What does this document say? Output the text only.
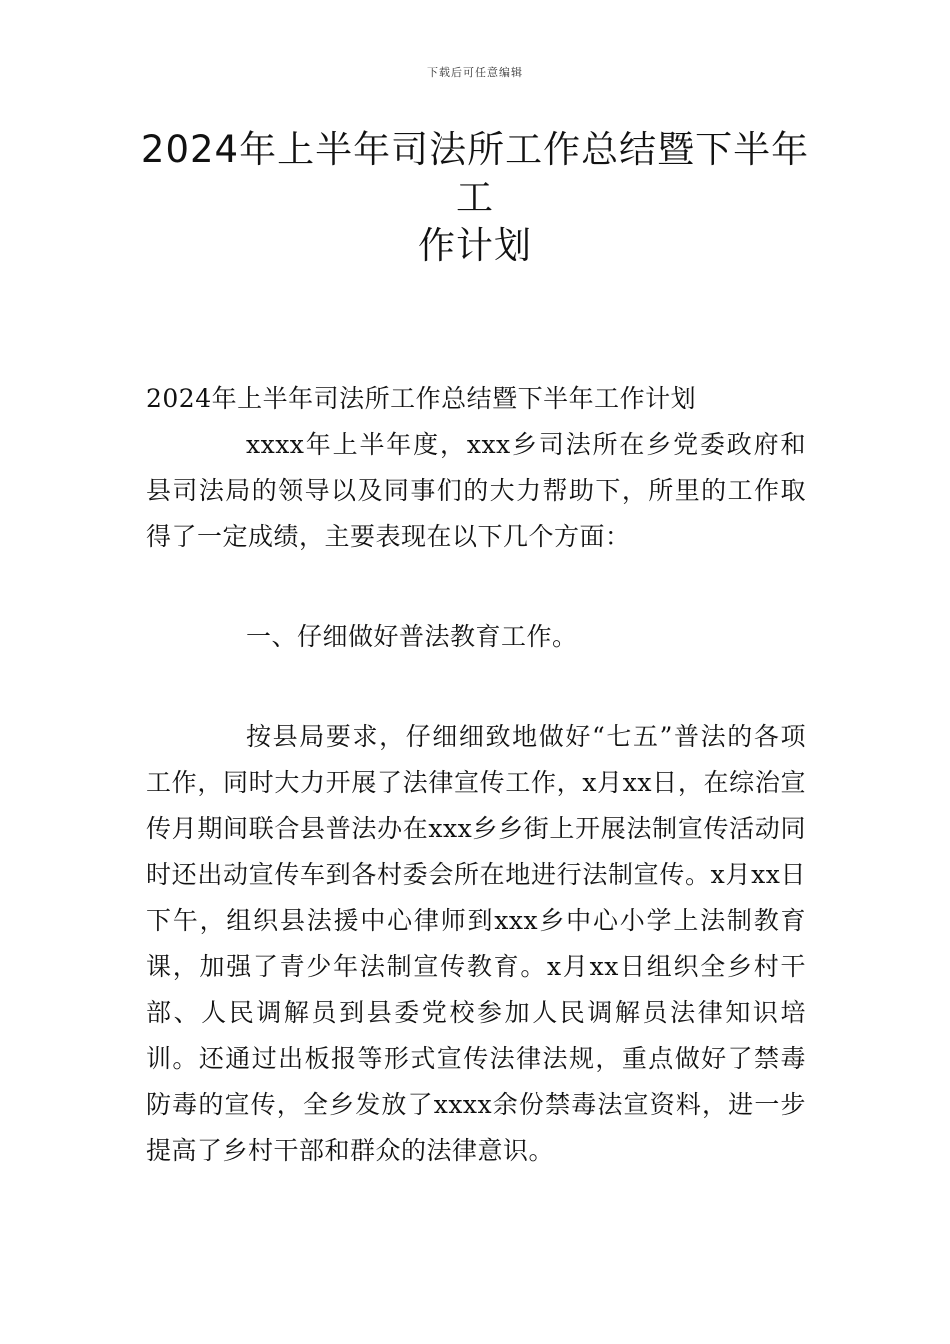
下载后可任意编辑
2024年上半年司法所工作总结暨下半年工
作计划

2024年上半年司法所工作总结暨下半年工作计划

xxxx年上半年度，xxx乡司法所在乡党委政府和县司法局的领导以及同事们的大力帮助下，所里的工作取得了一定成绩，主要表现在以下几个方面：

一、仔细做好普法教育工作。

按县局要求，仔细细致地做好“七五”普法的各项工作，同时大力开展了法律宣传工作，x月xx日，在综治宣传月期间联合县普法办在xxx乡乡街上开展法制宣传活动同时还出动宣传车到各村委会所在地进行法制宣传。x月xx日下午，组织县法援中心律师到xxx乡中心小学上法制教育课，加强了青少年法制宣传教育。x月xx日组织全乡村干部、人民调解员到县委党校参加人民调解员法律知识培训。还通过出板报等形式宣传法律法规，重点做好了禁毒防毒的宣传，全乡发放了xxxx余份禁毒法宣资料，进一步提高了乡村干部和群众的法律意识。
